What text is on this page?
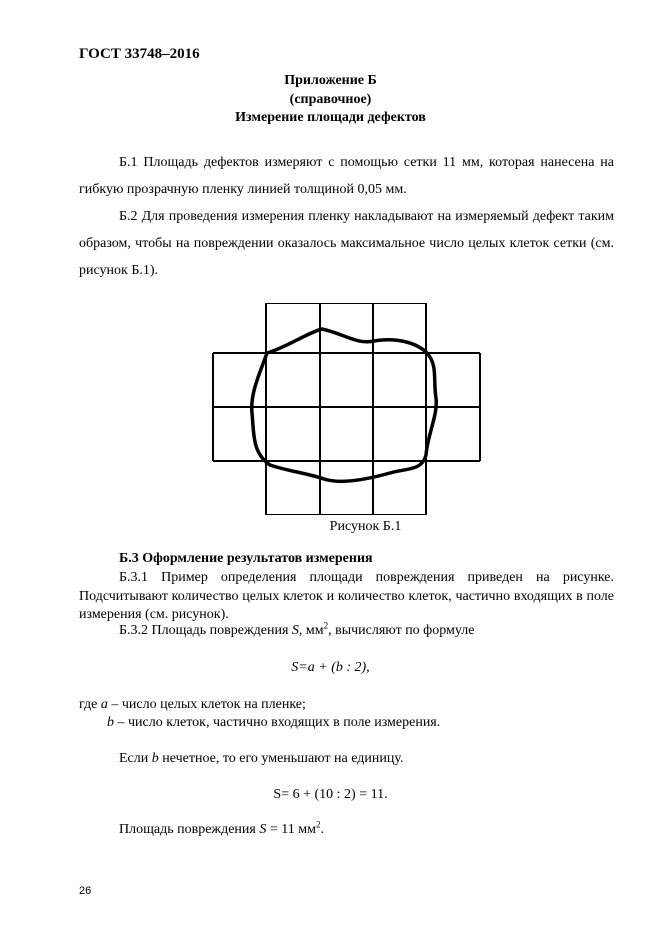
ГОСТ 33748–2016
Приложение Б
(справочное)
Измерение площади дефектов
Б.1 Площадь дефектов измеряют с помощью сетки 11 мм, которая нанесена на гибкую прозрачную пленку линией толщиной 0,05 мм.
Б.2 Для проведения измерения пленку накладывают на измеряемый дефект таким образом, чтобы на повреждении оказалось максимальное число целых клеток сетки (см. рисунок Б.1).
Рисунок Б.1
Б.3 Оформление результатов измерения
Б.3.1 Пример определения площади повреждения приведен на рисунке. Подсчитывают количество целых клеток и количество клеток, частично входящих в поле измерения (см. рисунок).
Б.3.2 Площадь повреждения S, $мм^2$, вычисляют по формуле
S=a + (b : 2),
где a – число целых клеток на пленке;
b – число клеток, частично входящих в поле измерения.
Если b нечетное, то его уменьшают на единицу.
S= 6 + (10 : 2) = 11.
Площадь повреждения S = 11 $мм^2$.
26
